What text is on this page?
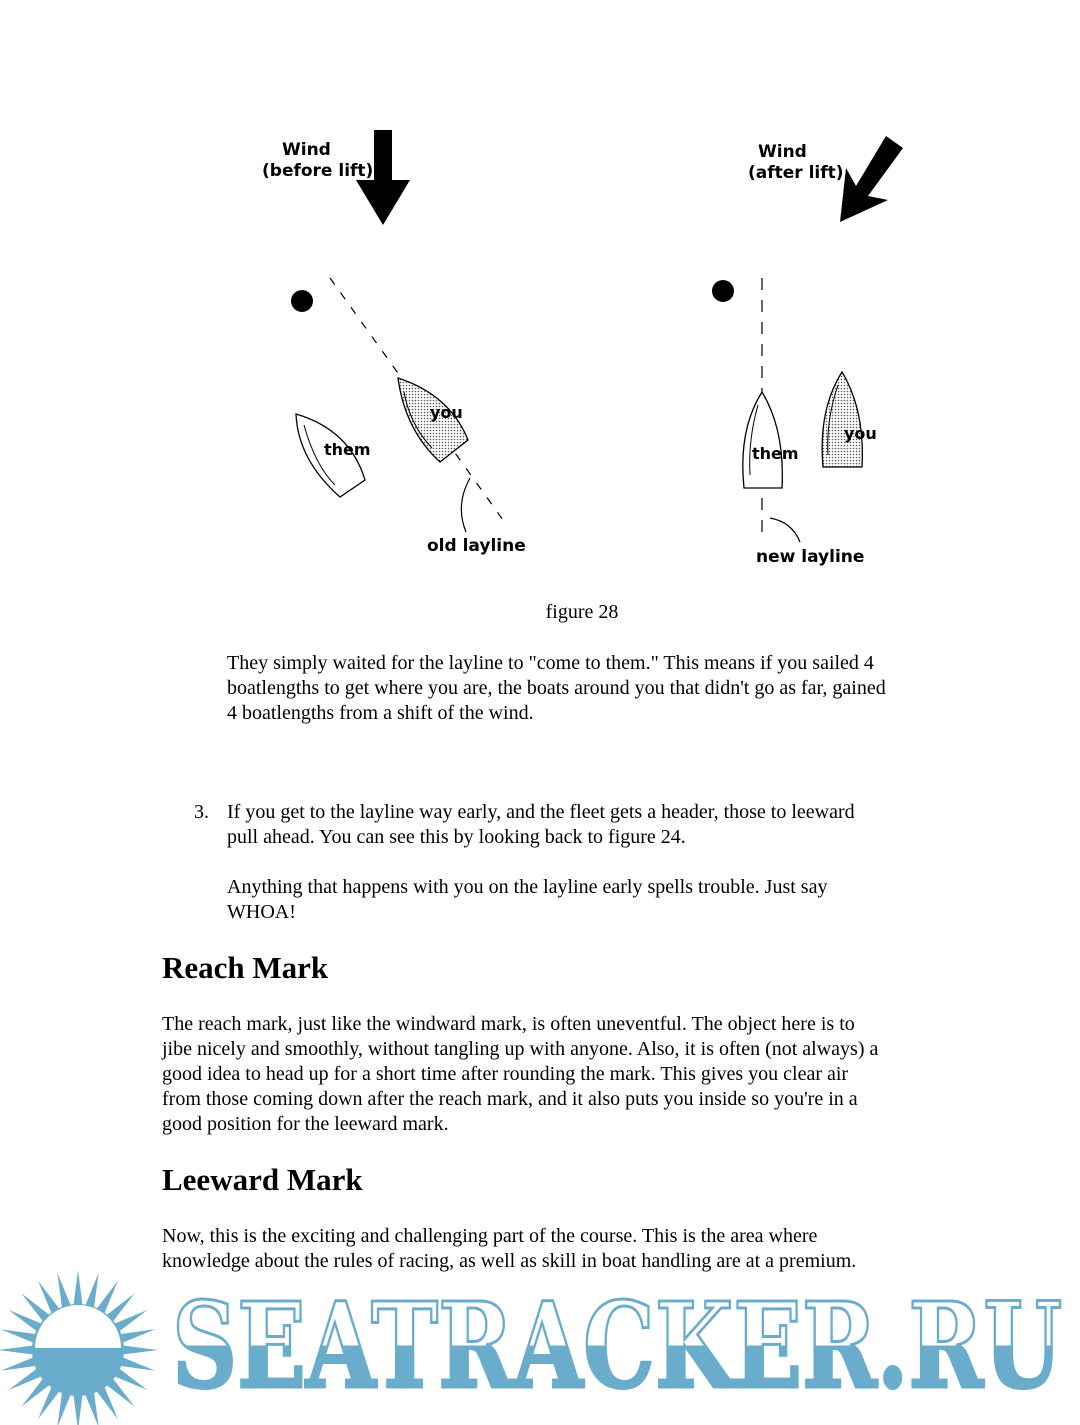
Wind
(before lift)
you
them
old layline
Wind
(after lift)
you
them
new layline
figure 28
They simply waited for the layline to "come to them." This means if you sailed 4
boatlengths to get where you are, the boats around you that didn't go as far, gained
4 boatlengths from a shift of the wind.
3. If you get to the layline way early, and the fleet gets a header, those to leeward
pull ahead. You can see this by looking back to figure 24.
Anything that happens with you on the layline early spells trouble. Just say
WHOA!
Reach Mark
The reach mark, just like the windward mark, is often uneventful. The object here is to
jibe nicely and smoothly, without tangling up with anyone. Also, it is often (not always) a
good idea to head up for a short time after rounding the mark. This gives you clear air
from those coming down after the reach mark, and it also puts you inside so you're in a
good position for the leeward mark.
Leeward Mark
Now, this is the exciting and challenging part of the course. This is the area where
knowledge about the rules of racing, as well as skill in boat handling are at a premium.
SEATRACKER.RU
